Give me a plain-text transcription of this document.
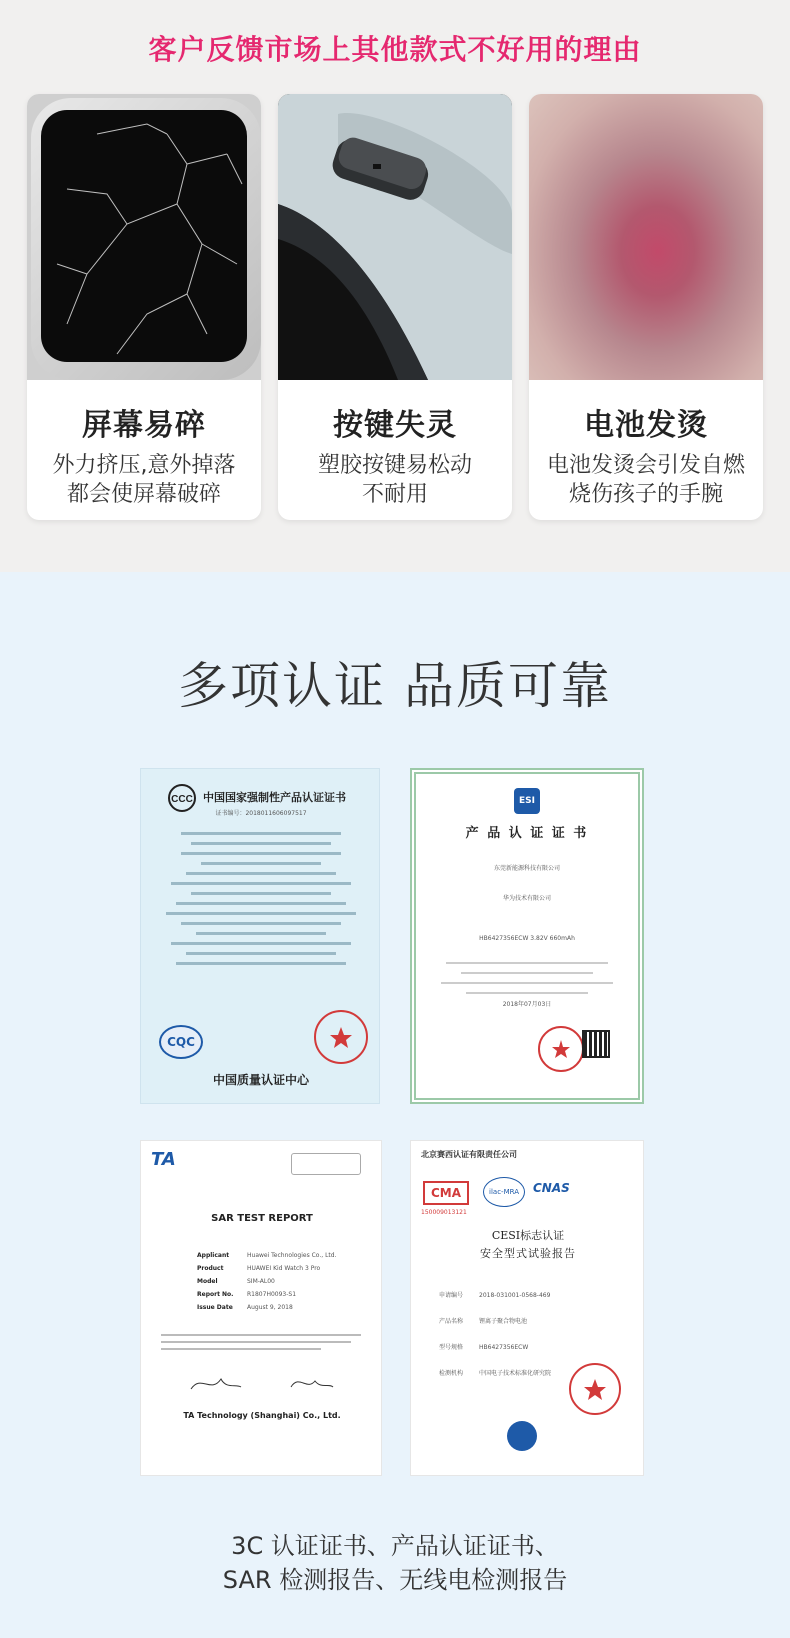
客户反馈市场上其他款式不好用的理由
屏幕易碎
外力挤压,意外掉落
都会使屏幕破碎
按键失灵
塑胶按键易松动
不耐用
电池发烫
电池发烫会引发自燃
烧伤孩子的手腕
多项认证 品质可靠
CCC 中国国家强制性产品认证证书
证书编号：2018011606097517
CQC
中国质量认证中心
ESI
产 品 认 证 证 书
东莞新能源科技有限公司
华为技术有限公司
HB6427356ECW 3.82V 660mAh
2018年07月03日
TA
SAR TEST REPORT
Applicant	Huawei Technologies Co., Ltd.
Product	HUAWEI Kid Watch 3 Pro
Model	SIM-AL00
Report No. R1807H0093-S1
Issue Date August 9, 2018
TA Technology (Shanghai) Co., Ltd.
北京赛西认证有限责任公司
CMA
150009013121
ilac-MRA	CNAS
CESI标志认证
安全型式试验报告
申请编号	2018-031001-0568-469
产品名称	锂离子聚合物电池
型号规格	HB6427356ECW
检测机构	中国电子技术标准化研究院
3C 认证证书、产品认证证书、
SAR 检测报告、无线电检测报告
